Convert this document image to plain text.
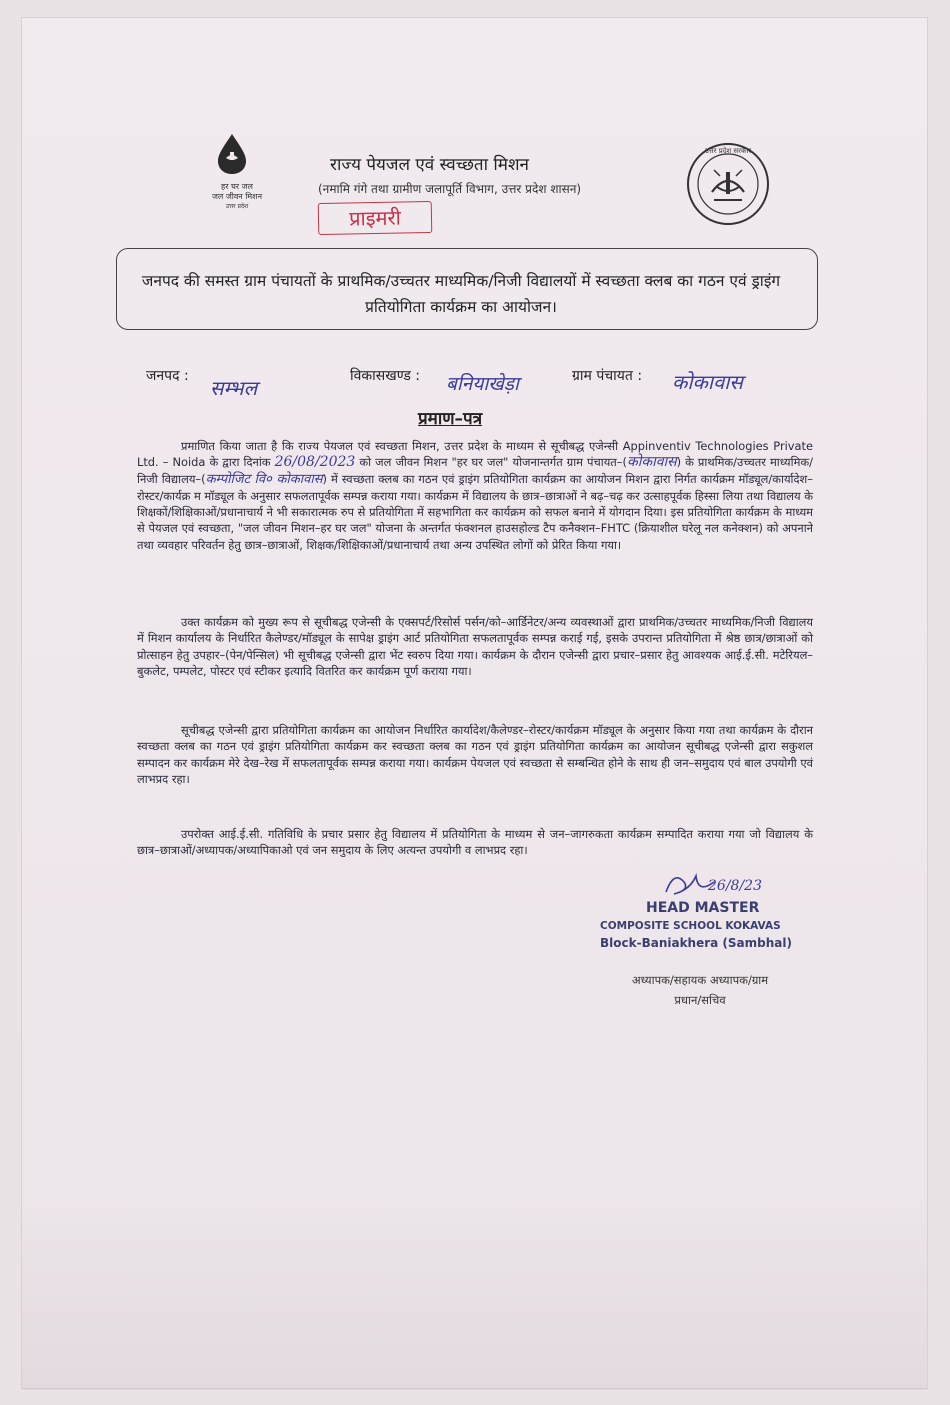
हर घर जल
जल जीवन मिशन
उत्तर प्रदेश
राज्य पेयजल एवं स्वच्छता मिशन
(नमामि गंगे तथा ग्रामीण जलापूर्ति विभाग, उत्तर प्रदेश शासन)
उत्तर प्रदेश सरकार
प्राइमरी
जनपद की समस्त ग्राम पंचायतों के प्राथमिक/उच्चतर माध्यमिक/निजी विद्यालयों में स्वच्छता क्लब का गठन एवं ड्राइंग प्रतियोगिता कार्यक्रम का आयोजन।
जनपद : सम्भल	विकासखण्ड : बनियाखेड़ा	ग्राम पंचायत : कोकावास
प्रमाण–पत्र
प्रमाणित किया जाता है कि राज्य पेयजल एवं स्वच्छता मिशन, उत्तर प्रदेश के माध्यम से सूचीबद्ध एजेन्सी Appinventiv Technologies Private Ltd. – Noida के द्वारा दिनांक 26/08/2023 को जल जीवन मिशन "हर घर जल" योजनान्तर्गत ग्राम पंचायत–(कोकावास) के प्राथमिक/उच्चतर माध्यमिक/निजी विद्यालय–(कम्पोजिट वि० कोकावास) में स्वच्छता क्लब का गठन एवं ड्राइंग प्रतियोगिता कार्यक्रम का आयोजन मिशन द्वारा निर्गत कार्यक्रम मॉड्यूल/कार्यादेश–रोस्टर/कार्यक्र म मॉड्यूल के अनुसार सफलतापूर्वक सम्पन्न कराया गया। कार्यक्रम में विद्यालय के छात्र–छात्राओं ने बढ़–चढ़ कर उत्साहपूर्वक हिस्सा लिया तथा विद्यालय के शिक्षकों/शिक्षिकाओं/प्रधानाचार्य ने भी सकारात्मक रुप से प्रतियोगिता में सहभागिता कर कार्यक्रम को सफल बनाने में योगदान दिया। इस प्रतियोगिता कार्यक्रम के माध्यम से पेयजल एवं स्वच्छता, "जल जीवन मिशन–हर घर जल" योजना के अन्तर्गत फंक्शनल हाउसहोल्ड टैप कनैक्शन–FHTC (क्रियाशील घरेलू नल कनेक्शन) को अपनाने तथा व्यवहार परिवर्तन हेतु छात्र–छात्राओं, शिक्षक/शिक्षिकाओं/प्रधानाचार्य तथा अन्य उपस्थित लोगों को प्रेरित किया गया।
उक्त कार्यक्रम को मुख्य रूप से सूचीबद्ध एजेन्सी के एक्सपर्ट/रिसोर्स पर्सन/को–आर्डिनेटर/अन्य व्यवस्थाओं द्वारा प्राथमिक/उच्चतर माध्यमिक/निजी विद्यालय में मिशन कार्यालय के निर्धारित कैलेण्डर/मॉड्यूल के सापेक्ष ड्राइंग आर्ट प्रतियोगिता सफलतापूर्वक सम्पन्न कराई गई, इसके उपरान्त प्रतियोगिता में श्रेष्ठ छात्र/छात्राओं को प्रोत्साहन हेतु उपहार–(पेन/पेन्सिल) भी सूचीबद्ध एजेन्सी द्वारा भेंट स्वरुप दिया गया। कार्यक्रम के दौरान एजेन्सी द्वारा प्रचार–प्रसार हेतु आवश्यक आई.ई.सी. मटेरियल–बुकलेट, पम्पलेट, पोस्टर एवं स्टीकर इत्यादि वितरित कर कार्यक्रम पूर्ण कराया गया।
सूचीबद्ध एजेन्सी द्वारा प्रतियोगिता कार्यक्रम का आयोजन निर्धारित कार्यादेश/कैलेण्डर–रोस्टर/कार्यक्रम मॉड्यूल के अनुसार किया गया तथा कार्यक्रम के दौरान स्वच्छता क्लब का गठन एवं ड्राइंग प्रतियोगिता कार्यक्रम कर स्वच्छता क्लब का गठन एवं ड्राइंग प्रतियोगिता कार्यक्रम का आयोजन सूचीबद्ध एजेन्सी द्वारा सकुशल सम्पादन कर कार्यक्रम मेरे देख–रेख में सफलतापूर्वक सम्पन्न कराया गया। कार्यक्रम पेयजल एवं स्वच्छता से सम्बन्धित होने के साथ ही जन–समुदाय एवं बाल उपयोगी एवं लाभप्रद रहा।
उपरोक्त आई.ई.सी. गतिविधि के प्रचार प्रसार हेतु विद्यालय में प्रतियोगिता के माध्यम से जन–जागरुकता कार्यक्रम सम्पादित कराया गया जो विद्यालय के छात्र–छात्राओं/अध्यापक/अध्यापिकाओ एवं जन समुदाय के लिए अत्यन्त उपयोगी व लाभप्रद रहा।
26/8/23
HEAD MASTER
COMPOSITE SCHOOL KOKAVAS
Block-Baniakhera (Sambhal)
अध्यापक/सहायक अध्यापक/ग्राम
प्रधान/सचिव
